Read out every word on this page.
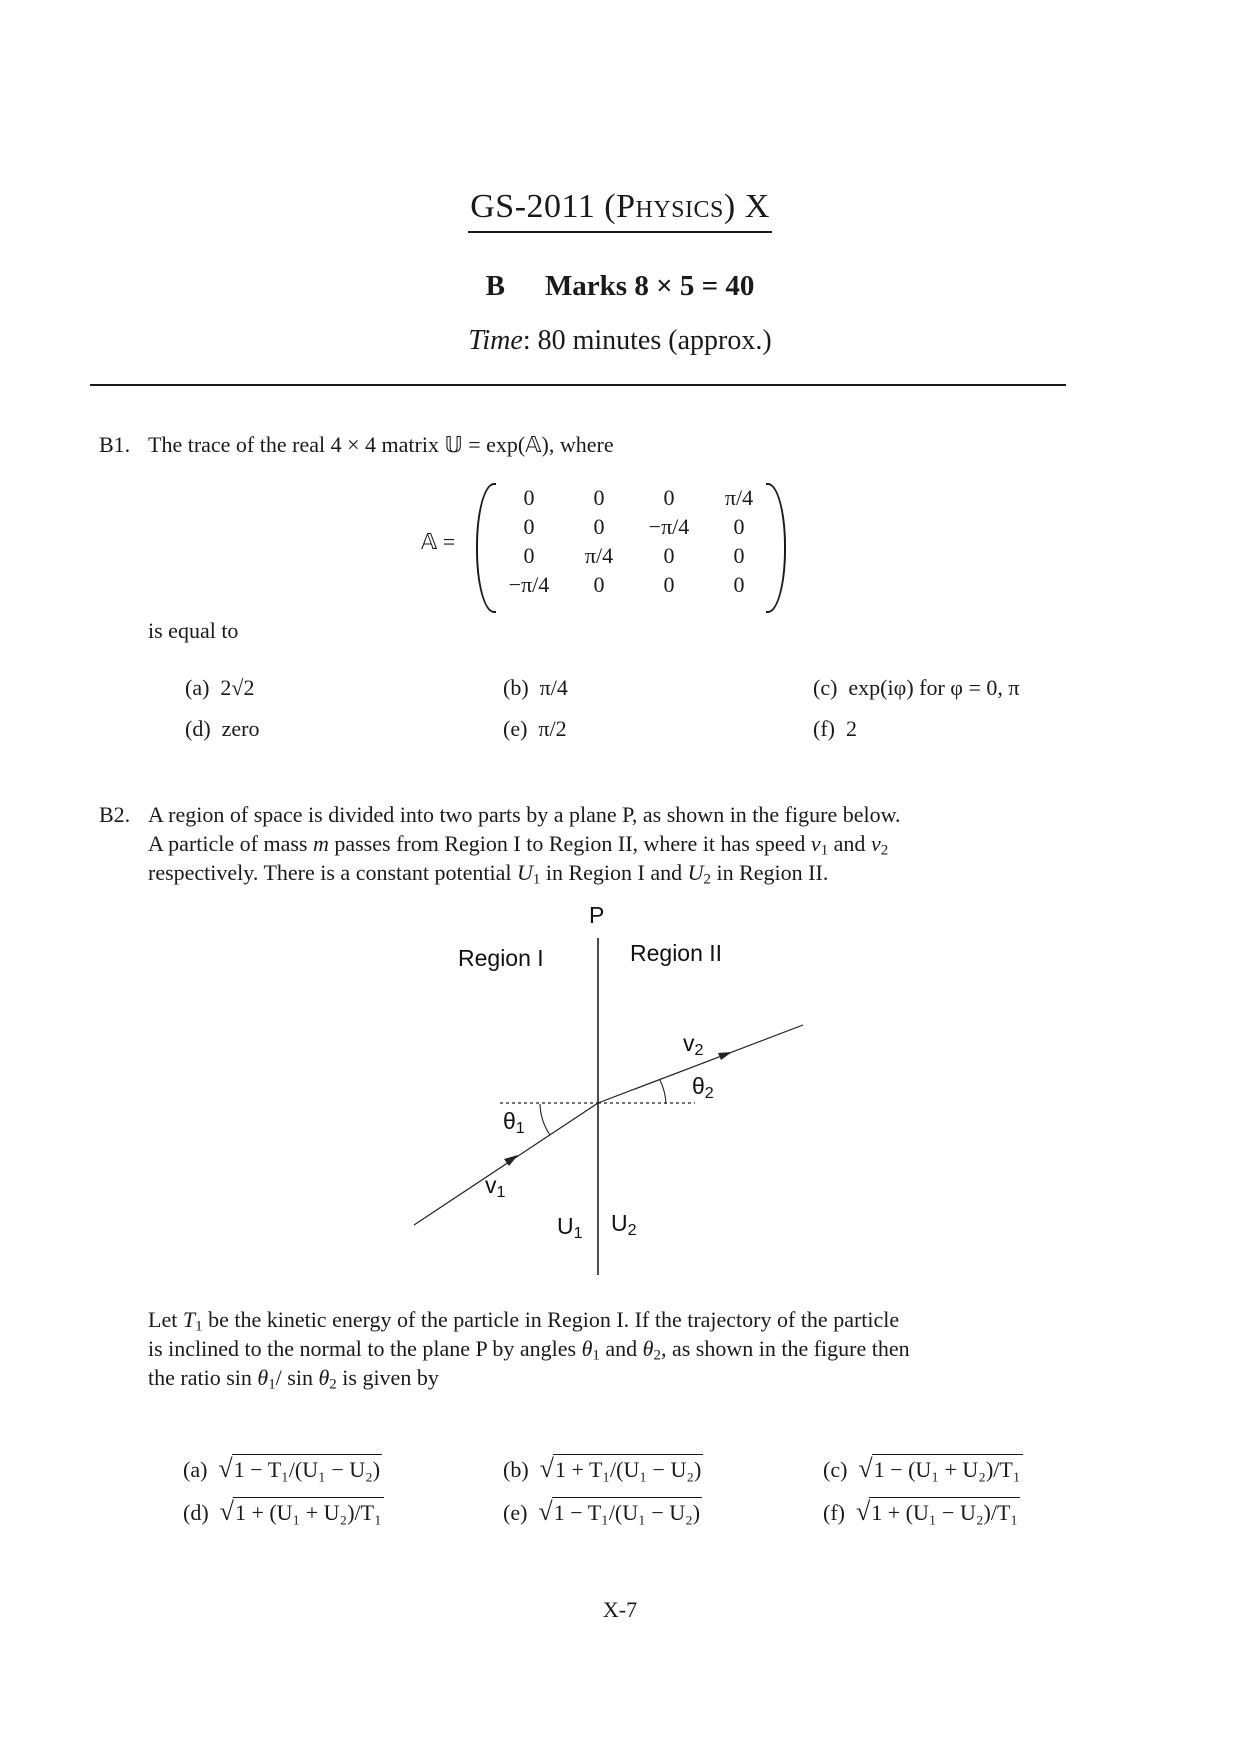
GS-2011 (Physics) X
B Marks 8 × 5 = 40
Time: 80 minutes (approx.)
B1. The trace of the real 4 × 4 matrix 𝕌 = exp(𝔸), where
𝔸 =
0	0	0	π/4
0	0	−π/4	0
0	π/4	0	0
−π/4	0	0	0
is equal to
(a) 2√2	(b) π/4	(c) exp(iφ) for φ = 0, π
(d) zero	(e) π/2	(f) 2
B2. A region of space is divided into two parts by a plane P, as shown in the figure below.
A particle of mass m passes from Region I to Region II, where it has speed $v_1$ and $v_2$
respectively. There is a constant potential $U_1$ in Region I and $U_2$ in Region II.
P
Region I	Region II
$v_2$
$\theta_2$
$\theta_1$
$v_1$
$U_1$ $U_2$
Let $T_1$ be the kinetic energy of the particle in Region I. If the trajectory of the particle
is inclined to the normal to the plane P by angles $\theta_1$ and $\theta_2$, as shown in the figure then
the ratio $\sin \theta_1/$ $\sin \theta_2$ is given by
(a) √1 − T₁/(U₁ − U₂)	(b) √1 + T₁/(U₁ − U₂)	(c) √1 − (U₁ + U₂)/T₁
(d) √1 + (U₁ + U₂)/T₁	(e) √1 − T₁/(U₁ − U₂)	(f) √1 + (U₁ − U₂)/T₁
X-7
